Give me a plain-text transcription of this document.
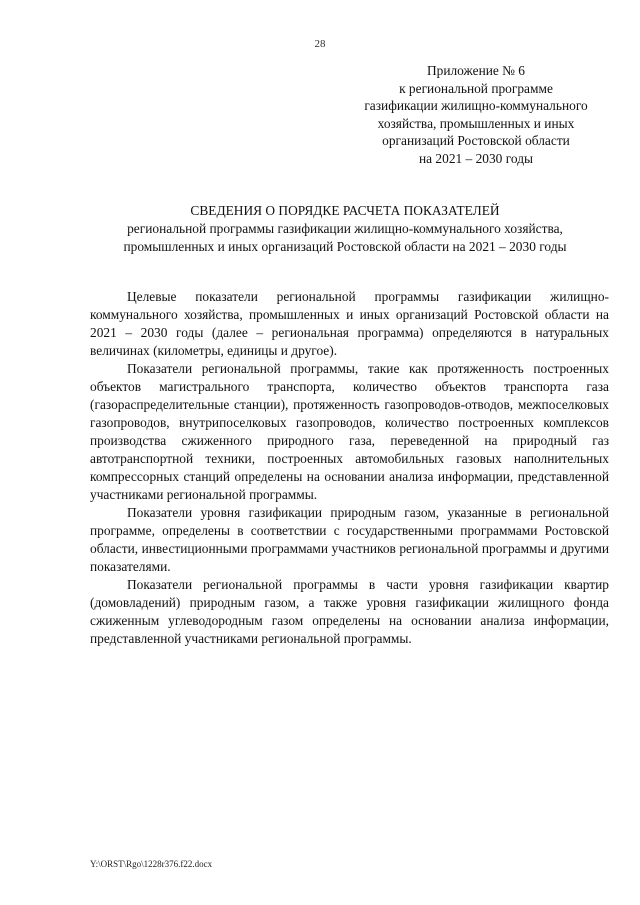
28
Приложение № 6
к региональной программе
газификации жилищно-коммунального
хозяйства, промышленных и иных
организаций Ростовской области
на 2021 – 2030 годы
СВЕДЕНИЯ О ПОРЯДКЕ РАСЧЕТА ПОКАЗАТЕЛЕЙ
региональной программы газификации жилищно-коммунального хозяйства,
промышленных и иных организаций Ростовской области на 2021 – 2030 годы

Целевые показатели региональной программы газификации жилищно-коммунального хозяйства, промышленных и иных организаций Ростовской области на 2021 – 2030 годы (далее – региональная программа) определяются в натуральных величинах (километры, единицы и другое).

Показатели региональной программы, такие как протяженность построенных объектов магистрального транспорта, количество объектов транспорта газа (газораспределительные станции), протяженность газопроводов-отводов, межпоселковых газопроводов, внутрипоселковых газопроводов, количество построенных комплексов производства сжиженного природного газа, переведенной на природный газ автотранспортной техники, построенных автомобильных газовых наполнительных компрессорных станций определены на основании анализа информации, представленной участниками региональной программы.

Показатели уровня газификации природным газом, указанные в региональной программе, определены в соответствии с государственными программами Ростовской области, инвестиционными программами участников региональной программы и другими показателями.

Показатели региональной программы в части уровня газификации квартир (домовладений) природным газом, а также уровня газификации жилищного фонда сжиженным углеводородным газом определены на основании анализа информации, представленной участниками региональной программы.

Y:\ORST\Rgo\1228r376.f22.docx
